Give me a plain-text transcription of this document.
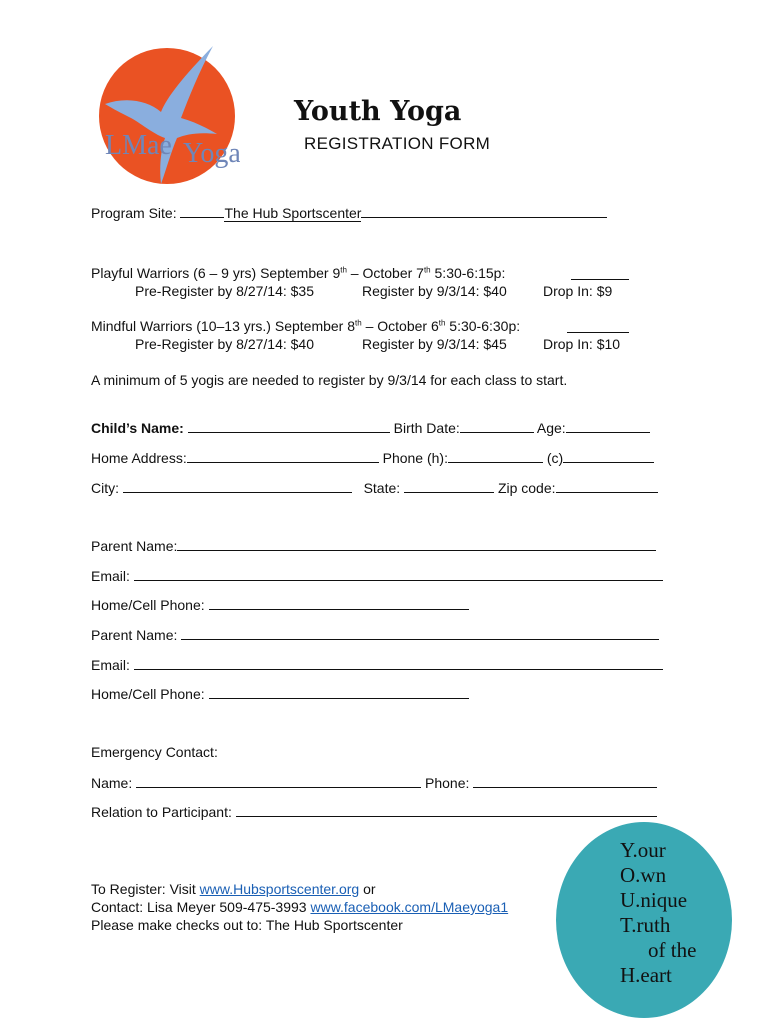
LMae Yoga
Youth Yoga
REGISTRATION FORM
Program Site:	The Hub Sportscenter
Playful Warriors (6 – 9 yrs) September 9th – October 7th 5:30-6:15p:
Pre-Register by 8/27/14: $35	Register by 9/3/14: $40	Drop In: $9
Mindful Warriors (10–13 yrs.) September 8th – October 6th 5:30-6:30p:
Pre-Register by 8/27/14: $40	Register by 9/3/14: $45	Drop In: $10
A minimum of 5 yogis are needed to register by 9/3/14 for each class to start.
Child’s Name:	Birth Date:	Age:
Home Address:	Phone (h):	(c)
City:	State:	Zip code:
Parent Name:
Email:
Home/Cell Phone:
Parent Name:
Email:
Home/Cell Phone:
Emergency Contact:
Name:	Phone:
Relation to Participant:
To Register: Visit www.Hubsportscenter.org or
Contact: Lisa Meyer 509-475-3993 www.facebook.com/LMaeyoga1
Please make checks out to: The Hub Sportscenter
Y.our
O.wn
U.nique
T.ruth
of the
H.eart
